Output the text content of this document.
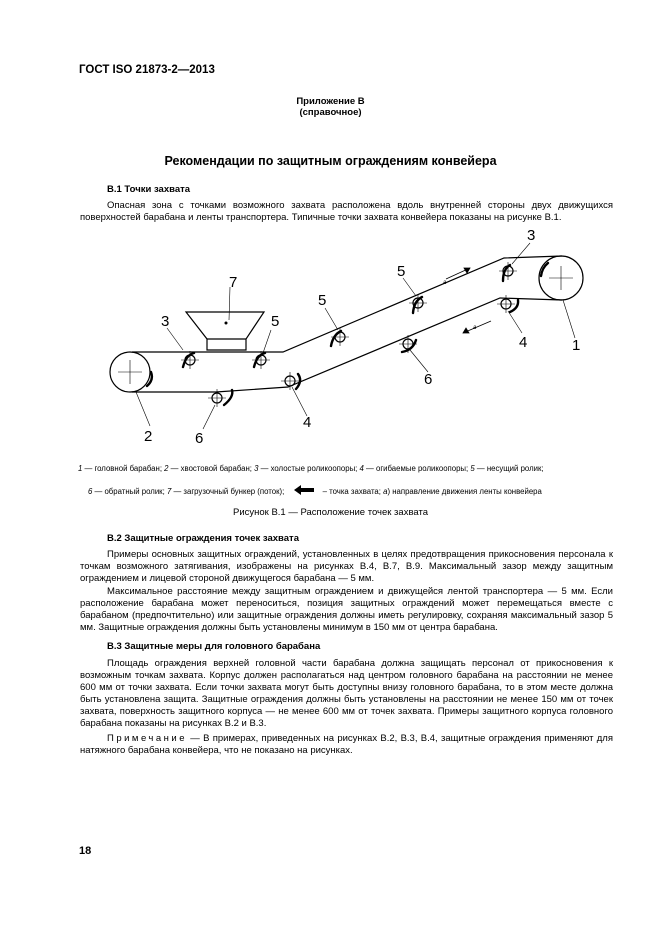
ГОСТ ISO 21873-2—2013
Приложение В
(справочное)
Рекомендации по защитным ограждениям конвейера
В.1 Точки захвата

Опасная зона с точками возможного захвата расположена вдоль внутренней стороны двух движущихся поверхностей барабана и ленты транспортера. Типичные точки захвата конвейера показаны на рисунке В.1.

7
3	5
5
5
3
2	6
4
6
4	1
a
a
1 — головной барабан; 2 — хвостовой барабан; 3 — холостые роликоопоры; 4 — огибаемые роликоопоры; 5 — несущий ролик;
6 — обратный ролик; 7 — загрузочный бункер (поток);	– точка захвата; a) направление движения ленты конвейера
Рисунок В.1 — Расположение точек захвата
В.2 Защитные ограждения точек захвата

Примеры основных защитных ограждений, установленных в целях предотвращения прикосновения персонала к точкам возможного затягивания, изображены на рисунках В.4, В.7, В.9. Максимальный зазор между защитным ограждением и лицевой стороной движущегося барабана — 5 мм.

Максимальное расстояние между защитным ограждением и движущейся лентой транспортера — 5 мм. Если расположение барабана может переноситься, позиция защитных ограждений может перемещаться вместе с барабаном (предпочтительно) или защитные ограждения должны иметь регулировку, сохраняя максимальный зазор 5 мм. Защитные ограждения должны быть установлены минимум в 150 мм от центра барабана.

В.3 Защитные меры для головного барабана

Площадь ограждения верхней головной части барабана должна защищать персонал от прикосновения к возможным точкам захвата. Корпус должен располагаться над центром головного барабана на расстоянии не менее 600 мм от точки захвата. Если точки захвата могут быть доступны внизу головного барабана, то в этом месте должна быть установлена защита. Защитные ограждения должны быть установлены на расстоянии не менее 150 мм от точек захвата, поверхность защитного корпуса — не менее 600 мм от точек захвата. Примеры защитного корпуса головного барабана показаны на рисунках В.2 и В.3.

Примечание — В примерах, приведенных на рисунках В.2, В.3, В.4, защитные ограждения применяют для натяжного барабана конвейера, что не показано на рисунках.

18
